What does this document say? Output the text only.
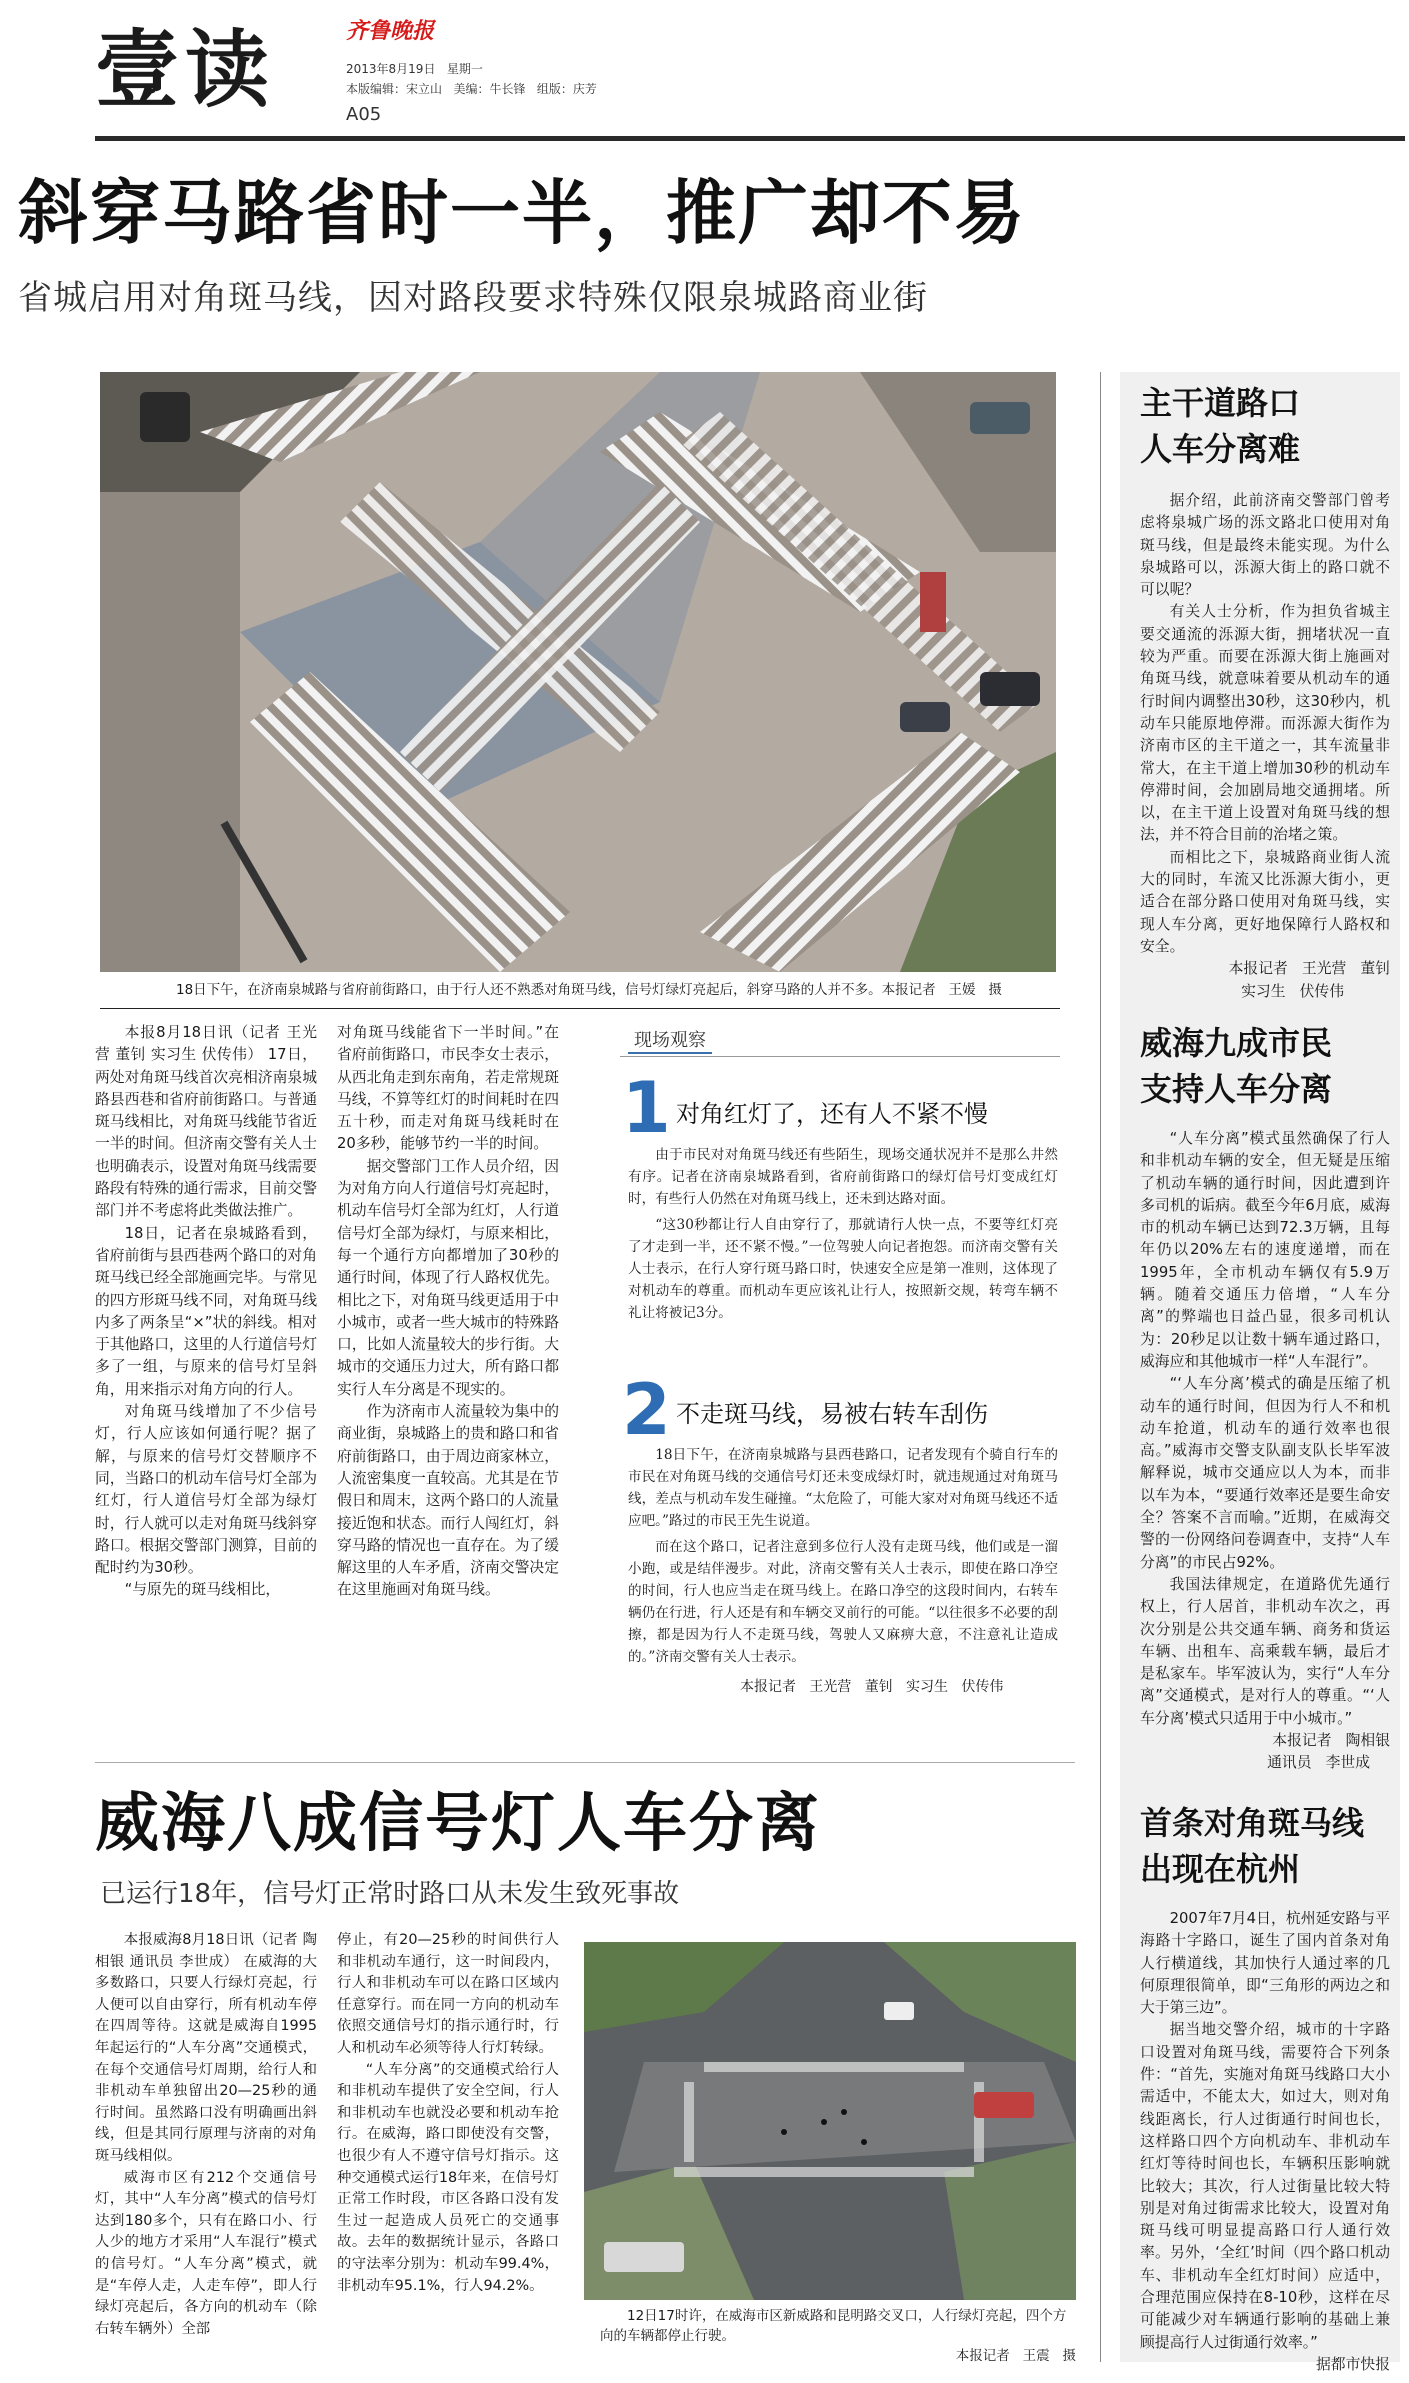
壹读	齐鲁晚报
2013年8月19日   星期一
本版编辑：宋立山   美编：牛长锋   组版：庆芳
A05
斜穿马路省时一半，推广却不易
省城启用对角斑马线，因对路段要求特殊仅限泉城路商业街
18日下午，在济南泉城路与省府前街路口，由于行人还不熟悉对角斑马线，信号灯绿灯亮起后，斜穿马路的人并不多。本报记者   王媛   摄

本报8月18日讯（记者 王光营 董钊 实习生 伏传伟） 17日，两处对角斑马线首次亮相济南泉城路县西巷和省府前街路口。与普通斑马线相比，对角斑马线能节省近一半的时间。但济南交警有关人士也明确表示，设置对角斑马线需要路段有特殊的通行需求，目前交警部门并不考虑将此类做法推广。

18日，记者在泉城路看到，省府前街与县西巷两个路口的对角斑马线已经全部施画完毕。与常见的四方形斑马线不同，对角斑马线内多了两条呈“×”状的斜线。相对于其他路口，这里的人行道信号灯多了一组，与原来的信号灯呈斜角，用来指示对角方向的行人。

对角斑马线增加了不少信号灯，行人应该如何通行呢？据了解，与原来的信号灯交替顺序不同，当路口的机动车信号灯全部为红灯，行人道信号灯全部为绿灯时，行人就可以走对角斑马线斜穿路口。根据交警部门测算，目前的配时约为30秒。

“与原先的斑马线相比，

对角斑马线能省下一半时间。”在省府前街路口，市民李女士表示，从西北角走到东南角，若走常规斑马线，不算等红灯的时间耗时在四五十秒，而走对角斑马线耗时在20多秒，能够节约一半的时间。

据交警部门工作人员介绍，因为对角方向人行道信号灯亮起时，机动车信号灯全部为红灯，人行道信号灯全部为绿灯，与原来相比，每一个通行方向都增加了30秒的通行时间，体现了行人路权优先。相比之下，对角斑马线更适用于中小城市，或者一些大城市的特殊路口，比如人流量较大的步行街。大城市的交通压力过大，所有路口都实行人车分离是不现实的。

作为济南市人流量较为集中的商业街，泉城路上的贵和路口和省府前街路口，由于周边商家林立，人流密集度一直较高。尤其是在节假日和周末，这两个路口的人流量接近饱和状态。而行人闯红灯，斜穿马路的情况也一直存在。为了缓解这里的人车矛盾，济南交警决定在这里施画对角斑马线。

现场观察
1 对角红灯了，还有人不紧不慢

由于市民对对角斑马线还有些陌生，现场交通状况并不是那么井然有序。记者在济南泉城路看到，省府前街路口的绿灯信号灯变成红灯时，有些行人仍然在对角斑马线上，还未到达路对面。

“这30秒都让行人自由穿行了，那就请行人快一点，不要等红灯亮了才走到一半，还不紧不慢。”一位驾驶人向记者抱怨。而济南交警有关人士表示，在行人穿行斑马路口时，快速安全应是第一准则，这体现了对机动车的尊重。而机动车更应该礼让行人，按照新交规，转弯车辆不礼让将被记3分。

2 不走斑马线，易被右转车刮伤

18日下午，在济南泉城路与县西巷路口，记者发现有个骑自行车的市民在对角斑马线的交通信号灯还未变成绿灯时，就违规通过对角斑马线，差点与机动车发生碰撞。“太危险了，可能大家对对角斑马线还不适应吧。”路过的市民王先生说道。

而在这个路口，记者注意到多位行人没有走斑马线，他们或是一溜小跑，或是结伴漫步。对此，济南交警有关人士表示，即使在路口净空的时间，行人也应当走在斑马线上。在路口净空的这段时间内，右转车辆仍在行进，行人还是有和车辆交叉前行的可能。“以往很多不必要的刮擦，都是因为行人不走斑马线，驾驶人又麻痹大意，不注意礼让造成的。”济南交警有关人士表示。

本报记者   王光营   董钊   实习生   伏传伟
主干道路口
人车分离难

据介绍，此前济南交警部门曾考虑将泉城广场的泺文路北口使用对角斑马线，但是最终未能实现。为什么泉城路可以，泺源大街上的路口就不可以呢？

有关人士分析，作为担负省城主要交通流的泺源大街，拥堵状况一直较为严重。而要在泺源大街上施画对角斑马线，就意味着要从机动车的通行时间内调整出30秒，这30秒内，机动车只能原地停滞。而泺源大街作为济南市区的主干道之一，其车流量非常大，在主干道上增加30秒的机动车停滞时间，会加剧局地交通拥堵。所以，在主干道上设置对角斑马线的想法，并不符合目前的治堵之策。

而相比之下，泉城路商业街人流大的同时，车流又比泺源大街小，更适合在部分路口使用对角斑马线，实现人车分离，更好地保障行人路权和安全。

本报记者   王光营   董钊

实习生   伏传伟

威海九成市民
支持人车分离

“人车分离”模式虽然确保了行人和非机动车辆的安全，但无疑是压缩了机动车辆的通行时间，因此遭到许多司机的诟病。截至今年6月底，威海市的机动车辆已达到72.3万辆，且每年仍以20%左右的速度递增，而在1995年，全市机动车辆仅有5.9万辆。随着交通压力倍增，“人车分离”的弊端也日益凸显，很多司机认为：20秒足以让数十辆车通过路口，威海应和其他城市一样“人车混行”。

“‘人车分离’模式的确是压缩了机动车的通行时间，但因为行人不和机动车抢道，机动车的通行效率也很高。”威海市交警支队副支队长毕军波解释说，城市交通应以人为本，而非以车为本，“要通行效率还是要生命安全？答案不言而喻。”近期，在威海交警的一份网络问卷调查中，支持“人车分离”的市民占92%。

我国法律规定，在道路优先通行权上，行人居首，非机动车次之，再次分别是公共交通车辆、商务和货运车辆、出租车、高乘载车辆，最后才是私家车。毕军波认为，实行“人车分离”交通模式，是对行人的尊重。“‘人车分离’模式只适用于中小城市。”

本报记者   陶相银

通讯员   李世成

首条对角斑马线
出现在杭州

2007年7月4日，杭州延安路与平海路十字路口，诞生了国内首条对角人行横道线，其加快行人通过率的几何原理很简单，即“三角形的两边之和大于第三边”。

据当地交警介绍，城市的十字路口设置对角斑马线，需要符合下列条件：“首先，实施对角斑马线路口大小需适中，不能太大，如过大，则对角线距离长，行人过街通行时间也长，这样路口四个方向机动车、非机动车红灯等待时间也长，车辆积压影响就比较大；其次，行人过街量比较大特别是对角过街需求比较大，设置对角斑马线可明显提高路口行人通行效率。另外，‘全红’时间（四个路口机动车、非机动车全红灯时间）应适中，合理范围应保持在8-10秒，这样在尽可能减少对车辆通行影响的基础上兼顾提高行人过街通行效率。”

据都市快报

威海八成信号灯人车分离
已运行18年，信号灯正常时路口从未发生致死事故

本报威海8月18日讯（记者 陶相银 通讯员 李世成） 在威海的大多数路口，只要人行绿灯亮起，行人便可以自由穿行，所有机动车停在四周等待。这就是威海自1995年起运行的“人车分离”交通模式，在每个交通信号灯周期，给行人和非机动车单独留出20—25秒的通行时间。虽然路口没有明确画出斜线，但是其同行原理与济南的对角斑马线相似。

威海市区有212个交通信号灯，其中“人车分离”模式的信号灯达到180多个，只有在路口小、行人少的地方才采用“人车混行”模式的信号灯。“人车分离”模式，就是“车停人走，人走车停”，即人行绿灯亮起后，各方向的机动车（除右转车辆外）全部

停止，有20—25秒的时间供行人和非机动车通行，这一时间段内，行人和非机动车可以在路口区域内任意穿行。而在同一方向的机动车依照交通信号灯的指示通行时，行人和机动车必须等待人行灯转绿。

“人车分离”的交通模式给行人和非机动车提供了安全空间，行人和非机动车也就没必要和机动车抢行。在威海，路口即使没有交警，也很少有人不遵守信号灯指示。这种交通模式运行18年来，在信号灯正常工作时段，市区各路口没有发生过一起造成人员死亡的交通事故。去年的数据统计显示，各路口的守法率分别为：机动车99.4%，非机动车95.1%，行人94.2%。

12日17时许，在威海市区新威路和昆明路交叉口，人行绿灯亮起，四个方向的车辆都停止行驶。
本报记者   王震   摄
